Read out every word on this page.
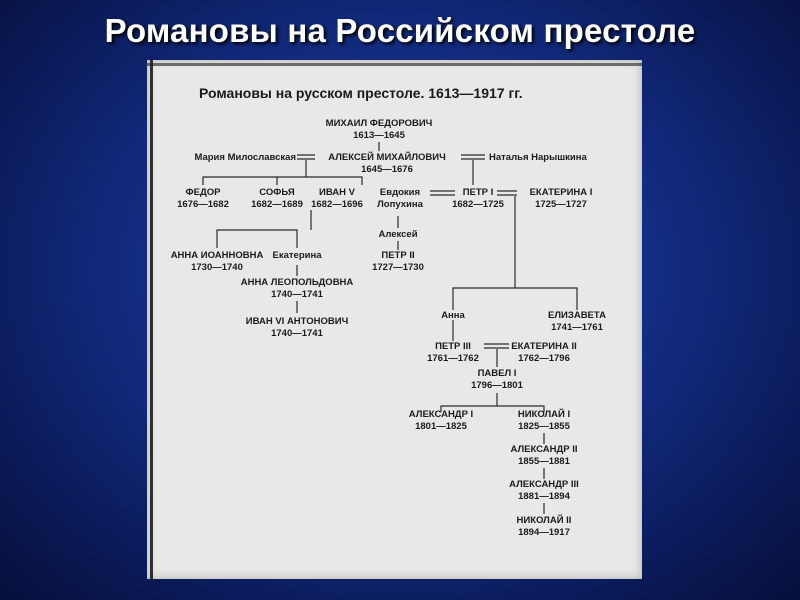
Романовы на Российском престоле
Романовы на русском престоле. 1613—1917 гг.
МИХАИЛ ФЕДОРОВИЧ
1613—1645
Мария Милославская	АЛЕКСЕЙ МИХАЙЛОВИЧ
1645—1676
Наталья Нарышкина
ФЕДОР
1676—1682
СОФЬЯ
1682—1689
ИВАН V
1682—1696
Евдокия
Лопухина
ПЕТР I
1682—1725
ЕКАТЕРИНА I
1725—1727
АННА ИОАННОВНА
1730—1740
Екатерина
Алексей
ПЕТР II
1727—1730
АННА ЛЕОПОЛЬДОВНА
1740—1741
ИВАН VI АНТОНОВИЧ
1740—1741
Анна	ЕЛИЗАВЕТА
1741—1761
ПЕТР III
1761—1762
ЕКАТЕРИНА II
1762—1796
ПАВЕЛ I
1796—1801
АЛЕКСАНДР I
1801—1825
НИКОЛАЙ I
1825—1855
АЛЕКСАНДР II
1855—1881
АЛЕКСАНДР III
1881—1894
НИКОЛАЙ II
1894—1917
